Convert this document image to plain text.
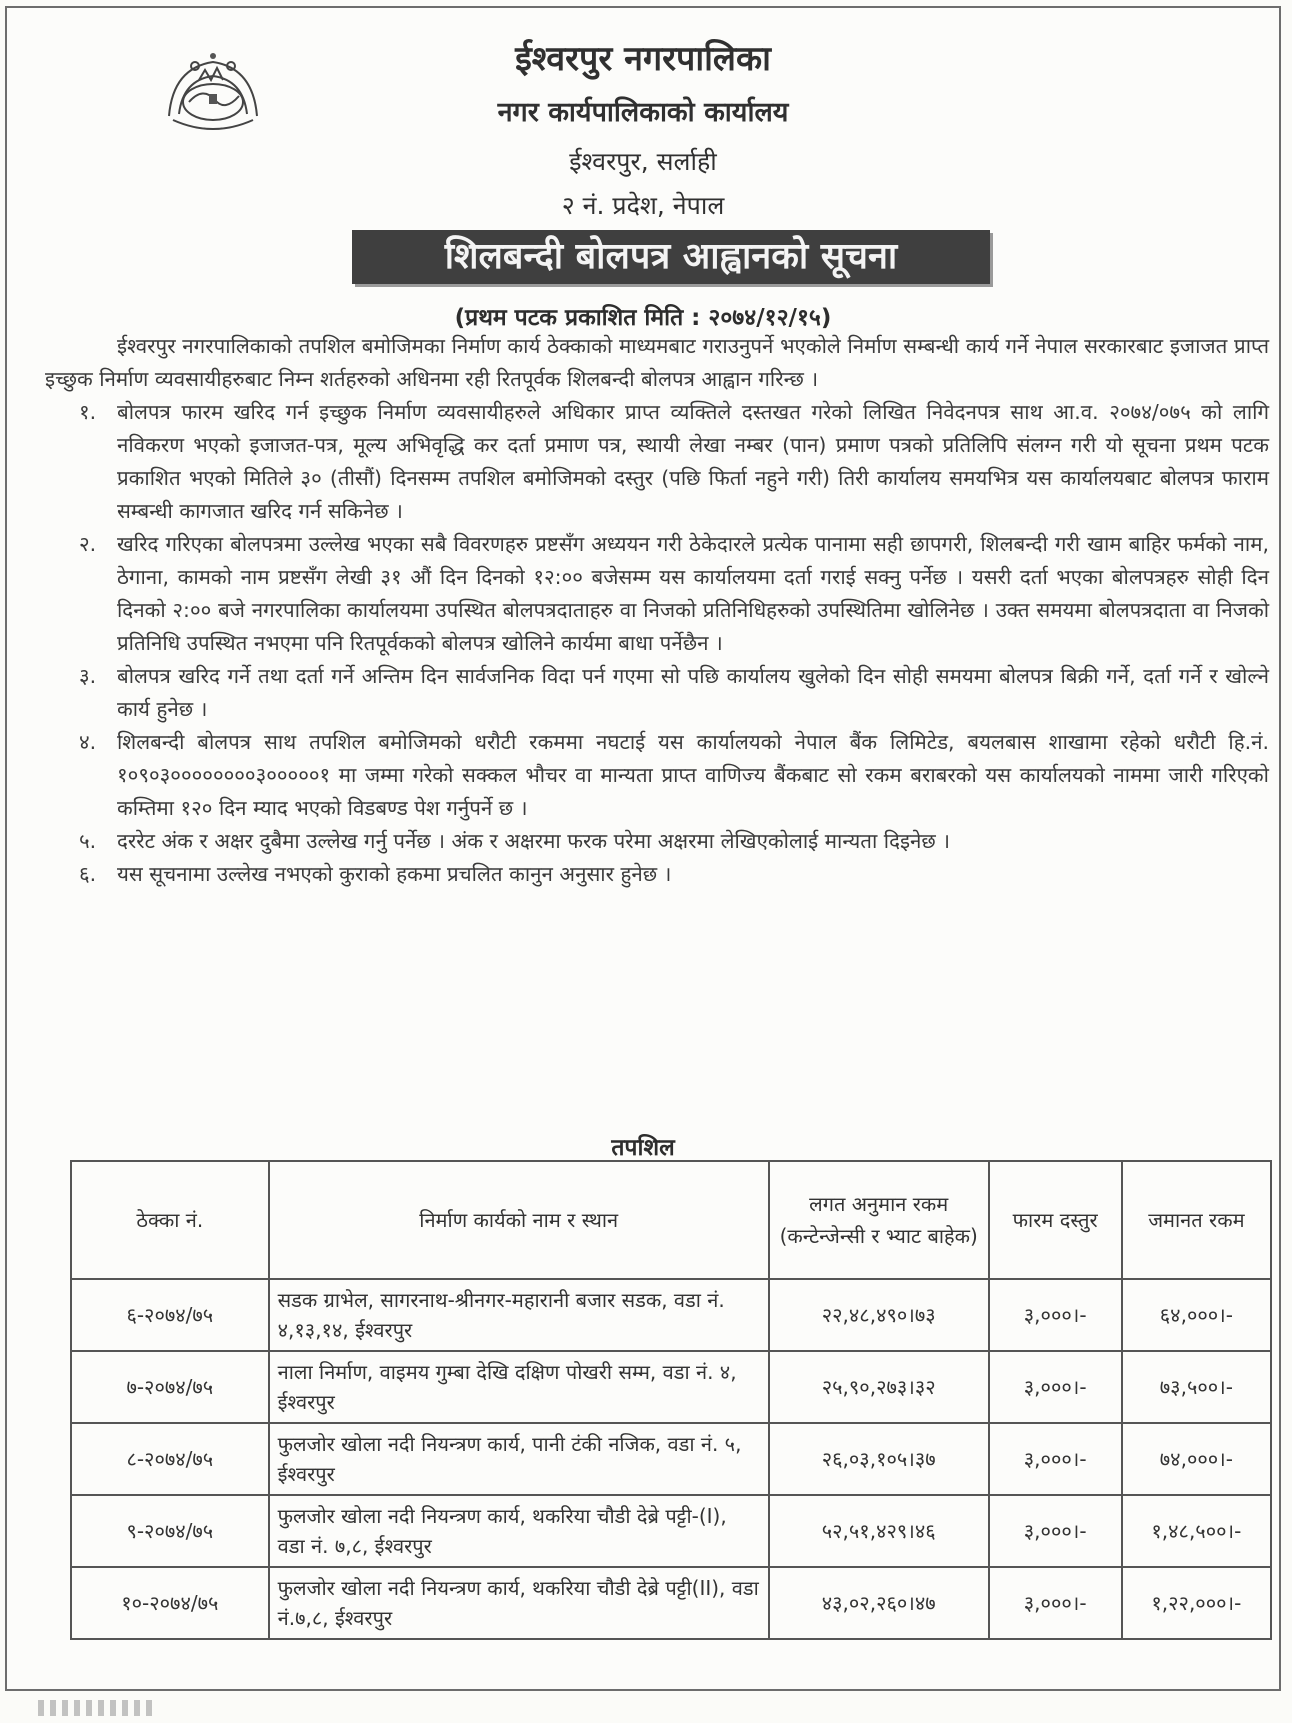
ईश्वरपुर नगरपालिका
नगर कार्यपालिकाको कार्यालय
ईश्वरपुर, सर्लाही
२ नं. प्रदेश, नेपाल
शिलबन्दी बोलपत्र आह्वानको सूचना
(प्रथम पटक प्रकाशित मिति : २०७४/१२/१५)

ईश्वरपुर नगरपालिकाको तपशिल बमोजिमका निर्माण कार्य ठेक्काको माध्यमबाट गराउनुपर्ने भएकोले निर्माण सम्बन्धी कार्य गर्ने नेपाल सरकारबाट इजाजत प्राप्त इच्छुक निर्माण व्यवसायीहरुबाट निम्न शर्तहरुको अधिनमा रही रितपूर्वक शिलबन्दी बोलपत्र आह्वान गरिन्छ ।

१. बोलपत्र फारम खरिद गर्न इच्छुक निर्माण व्यवसायीहरुले अधिकार प्राप्त व्यक्तिले दस्तखत गरेको लिखित निवेदनपत्र साथ आ.व. २०७४/०७५ को लागि नविकरण भएको इजाजत-पत्र, मूल्य अभिवृद्धि कर दर्ता प्रमाण पत्र, स्थायी लेखा नम्बर (पान) प्रमाण पत्रको प्रतिलिपि संलग्न गरी यो सूचना प्रथम पटक प्रकाशित भएको मितिले ३० (तीसौं) दिनसम्म तपशिल बमोजिमको दस्तुर (पछि फिर्ता नहुने गरी) तिरी कार्यालय समयभित्र यस कार्यालयबाट बोलपत्र फाराम सम्बन्धी कागजात खरिद गर्न सकिनेछ ।

२. खरिद गरिएका बोलपत्रमा उल्लेख भएका सबै विवरणहरु प्रष्टसँग अध्ययन गरी ठेकेदारले प्रत्येक पानामा सही छापगरी, शिलबन्दी गरी खाम बाहिर फर्मको नाम, ठेगाना, कामको नाम प्रष्टसँग लेखी ३१ औं दिन दिनको १२:०० बजेसम्म यस कार्यालयमा दर्ता गराई सक्नु पर्नेछ । यसरी दर्ता भएका बोलपत्रहरु सोही दिन दिनको २:०० बजे नगरपालिका कार्यालयमा उपस्थित बोलपत्रदाताहरु वा निजको प्रतिनिधिहरुको उपस्थितिमा खोलिनेछ । उक्त समयमा बोलपत्रदाता वा निजको प्रतिनिधि उपस्थित नभएमा पनि रितपूर्वकको बोलपत्र खोलिने कार्यमा बाधा पर्नेछैन ।

३. बोलपत्र खरिद गर्ने तथा दर्ता गर्ने अन्तिम दिन सार्वजनिक विदा पर्न गएमा सो पछि कार्यालय खुलेको दिन सोही समयमा बोलपत्र बिक्री गर्ने, दर्ता गर्ने र खोल्ने कार्य हुनेछ ।

४. शिलबन्दी बोलपत्र साथ तपशिल बमोजिमको धरौटी रकममा नघटाई यस कार्यालयको नेपाल बैंक लिमिटेड, बयलबास शाखामा रहेको धरौटी हि.नं. १०९०३००००००००३०००००१ मा जम्मा गरेको सक्कल भौचर वा मान्यता प्राप्त वाणिज्य बैंकबाट सो रकम बराबरको यस कार्यालयको नाममा जारी गरिएको कम्तिमा १२० दिन म्याद भएको विडबण्ड पेश गर्नुपर्ने छ ।

५. दररेट अंक र अक्षर दुबैमा उल्लेख गर्नु पर्नेछ । अंक र अक्षरमा फरक परेमा अक्षरमा लेखिएकोलाई मान्यता दिइनेछ ।

६. यस सूचनामा उल्लेख नभएको कुराको हकमा प्रचलित कानुन अनुसार हुनेछ ।

तपशिल
ठेक्का नं.	निर्माण कार्यको नाम र स्थान	लगत अनुमान रकम (कन्टेन्जेन्सी र भ्याट बाहेक)	फारम दस्तुर	जमानत रकम
६-२०७४/७५	सडक ग्राभेल, सागरनाथ-श्रीनगर-महारानी बजार सडक, वडा नं. ४,१३,१४, ईश्वरपुर	२२,४८,४९०।७३	३,०००।-	६४,०००।-
७-२०७४/७५	नाला निर्माण, वाइमय गुम्बा देखि दक्षिण पोखरी सम्म, वडा नं. ४, ईश्वरपुर	२५,९०,२७३।३२	३,०००।-	७३,५००।-
८-२०७४/७५	फुलजोर खोला नदी नियन्त्रण कार्य, पानी टंकी नजिक, वडा नं. ५, ईश्वरपुर	२६,०३,१०५।३७	३,०००।-	७४,०००।-
९-२०७४/७५	फुलजोर खोला नदी नियन्त्रण कार्य, थकरिया चौडी देब्रे पट्टी-(I), वडा नं. ७,८, ईश्वरपुर	५२,५१,४२९।४६	३,०००।-	१,४८,५००।-
१०-२०७४/७५	फुलजोर खोला नदी नियन्त्रण कार्य, थकरिया चौडी देब्रे पट्टी(II), वडा नं.७,८, ईश्वरपुर	४३,०२,२६०।४७	३,०००।-	१,२२,०००।-
